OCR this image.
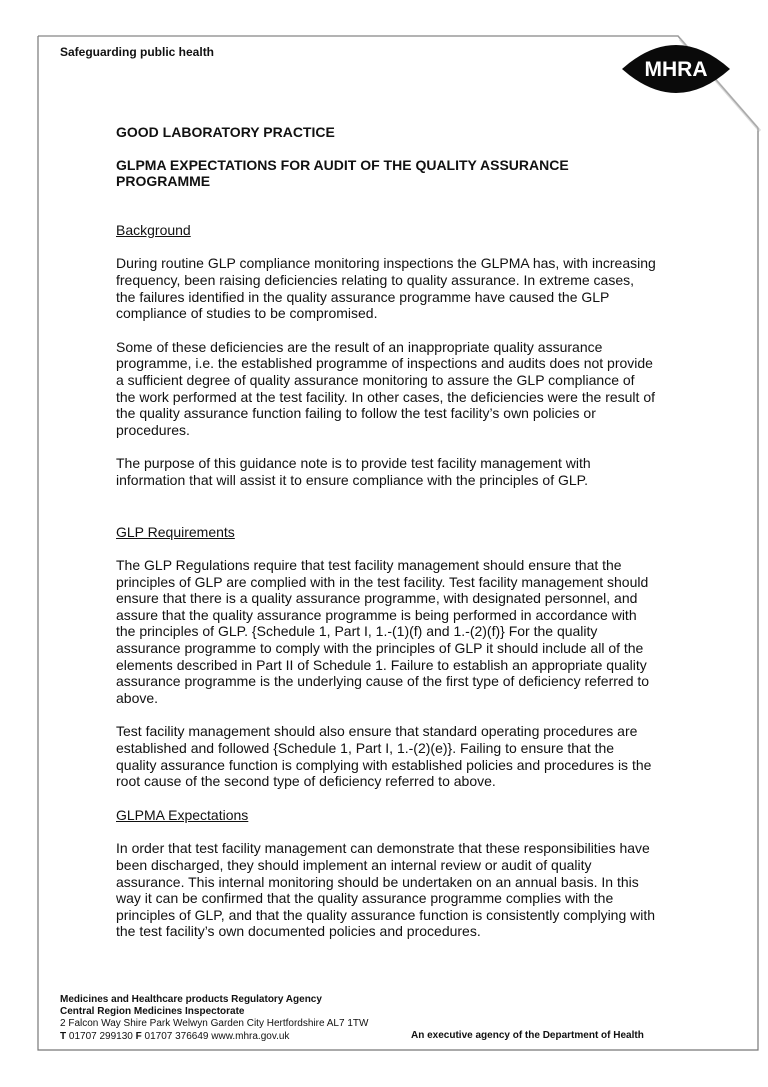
Safeguarding public health
MHRA
GOOD LABORATORY PRACTICE
GLPMA EXPECTATIONS FOR AUDIT OF THE QUALITY ASSURANCE
PROGRAMME
Background
During routine GLP compliance monitoring inspections the GLPMA has, with increasing frequency, been raising deficiencies relating to quality assurance. In extreme cases, the failures identified in the quality assurance programme have caused the GLP compliance of studies to be compromised.
Some of these deficiencies are the result of an inappropriate quality assurance programme, i.e. the established programme of inspections and audits does not provide a sufficient degree of quality assurance monitoring to assure the GLP compliance of the work performed at the test facility. In other cases, the deficiencies were the result of the quality assurance function failing to follow the test facility’s own policies or procedures.
The purpose of this guidance note is to provide test facility management with information that will assist it to ensure compliance with the principles of GLP.
GLP Requirements
The GLP Regulations require that test facility management should ensure that the principles of GLP are complied with in the test facility. Test facility management should ensure that there is a quality assurance programme, with designated personnel, and assure that the quality assurance programme is being performed in accordance with the principles of GLP. {Schedule 1, Part I, 1.-(1)(f) and 1.-(2)(f)} For the quality assurance programme to comply with the principles of GLP it should include all of the elements described in Part II of Schedule 1. Failure to establish an appropriate quality assurance programme is the underlying cause of the first type of deficiency referred to above.
Test facility management should also ensure that standard operating procedures are established and followed {Schedule 1, Part I, 1.-(2)(e)}. Failing to ensure that the quality assurance function is complying with established policies and procedures is the root cause of the second type of deficiency referred to above.
GLPMA Expectations
In order that test facility management can demonstrate that these responsibilities have been discharged, they should implement an internal review or audit of quality assurance. This internal monitoring should be undertaken on an annual basis. In this way it can be confirmed that the quality assurance programme complies with the principles of GLP, and that the quality assurance function is consistently complying with the test facility’s own documented policies and procedures.
Medicines and Healthcare products Regulatory Agency
Central Region Medicines Inspectorate
2 Falcon Way Shire Park Welwyn Garden City Hertfordshire AL7 1TW
T 01707 299130 F 01707 376649 www.mhra.gov.uk	An executive agency of the Department of Health
